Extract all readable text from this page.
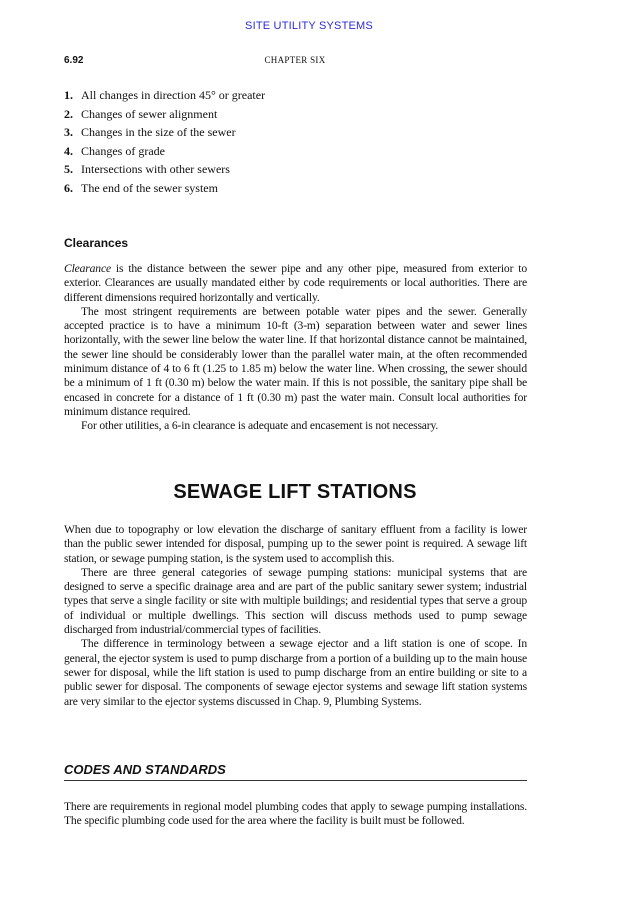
SITE UTILITY SYSTEMS
6.92	CHAPTER SIX
1. All changes in direction 45° or greater
2. Changes of sewer alignment
3. Changes in the size of the sewer
4. Changes of grade
5. Intersections with other sewers
6. The end of the sewer system
Clearances

Clearance is the distance between the sewer pipe and any other pipe, measured from exterior to exterior. Clearances are usually mandated either by code requirements or local authorities. There are different dimensions required horizontally and vertically.

The most stringent requirements are between potable water pipes and the sewer. Generally accepted practice is to have a minimum 10-ft (3-m) separation between water and sewer lines horizontally, with the sewer line below the water line. If that horizontal distance cannot be maintained, the sewer line should be considerably lower than the parallel water main, at the often recommended minimum distance of 4 to 6 ft (1.25 to 1.85 m) below the water line. When crossing, the sewer should be a minimum of 1 ft (0.30 m) below the water main. If this is not possible, the sanitary pipe shall be encased in concrete for a distance of 1 ft (0.30 m) past the water main. Consult local authorities for minimum distance required.

For other utilities, a 6-in clearance is adequate and encasement is not necessary.

SEWAGE LIFT STATIONS

When due to topography or low elevation the discharge of sanitary effluent from a facility is lower than the public sewer intended for disposal, pumping up to the sewer point is required. A sewage lift station, or sewage pumping station, is the system used to accomplish this.

There are three general categories of sewage pumping stations: municipal systems that are designed to serve a specific drainage area and are part of the public sanitary sewer system; industrial types that serve a single facility or site with multiple buildings; and residential types that serve a group of individual or multiple dwellings. This section will discuss methods used to pump sewage discharged from industrial/commercial types of facilities.

The difference in terminology between a sewage ejector and a lift station is one of scope. In general, the ejector system is used to pump discharge from a portion of a building up to the main house sewer for disposal, while the lift station is used to pump discharge from an entire building or site to a public sewer for disposal. The components of sewage ejector systems and sewage lift station systems are very similar to the ejector systems discussed in Chap. 9, Plumbing Systems.

CODES AND STANDARDS

There are requirements in regional model plumbing codes that apply to sewage pumping installations. The specific plumbing code used for the area where the facility is built must be followed.
